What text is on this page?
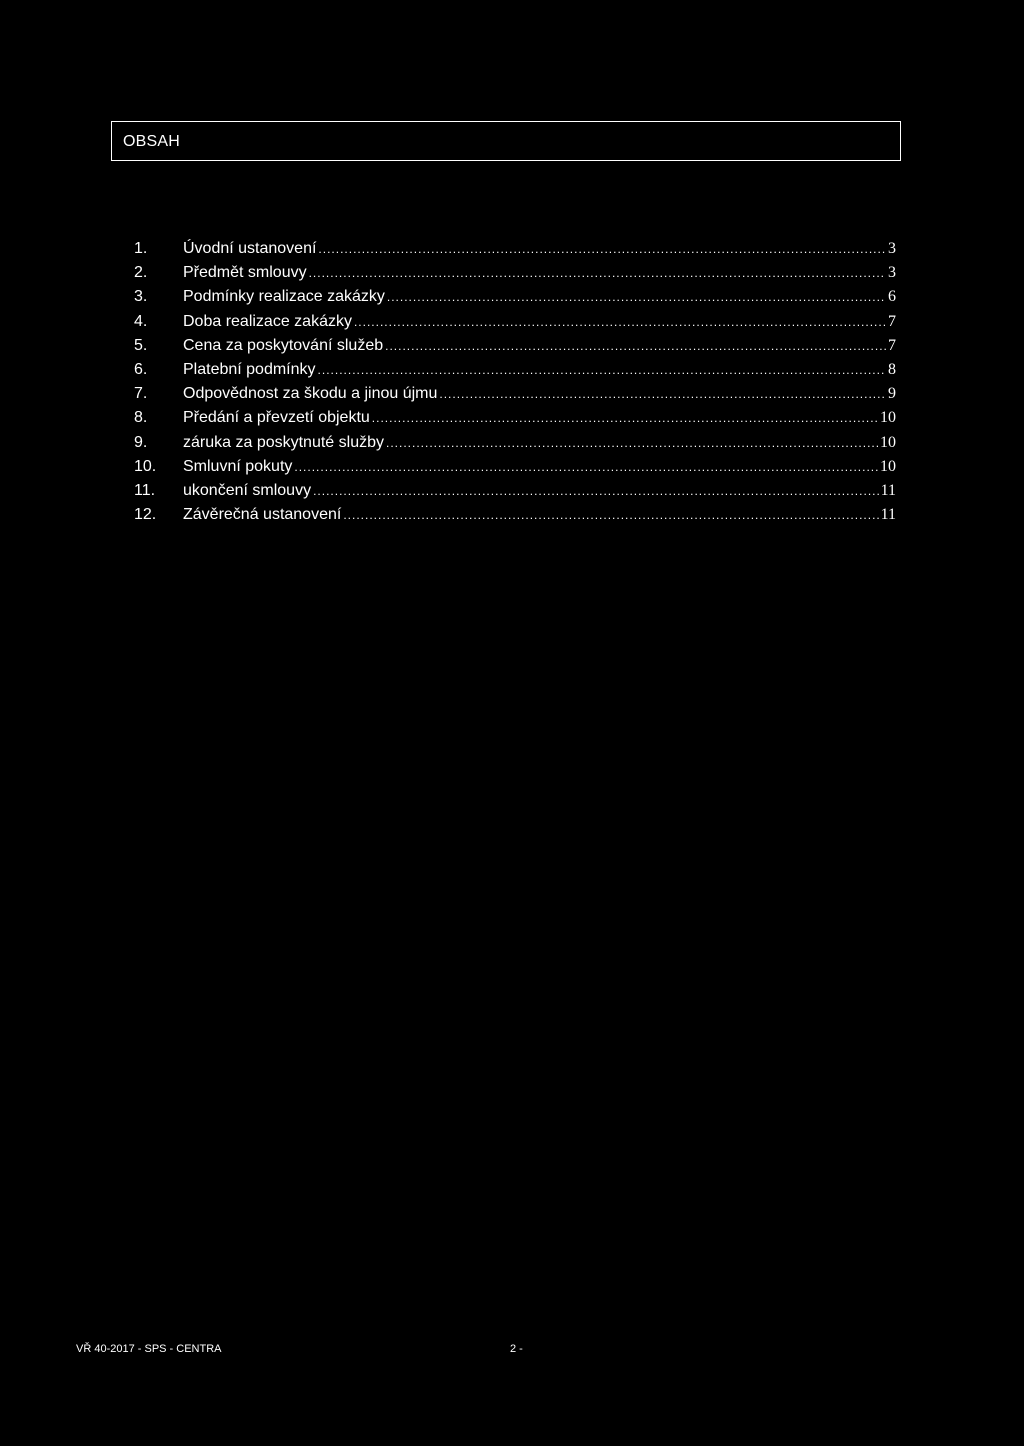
OBSAH
1.	Úvodní ustanovení .....	3
2.	Předmět smlouvy .....	3
3.	Podmínky realizace zakázky .....	6
4.	Doba realizace zakázky .....	7
5.	Cena za poskytování služeb .....	7
6.	Platební podmínky .....	8
7.	Odpovědnost za škodu a jinou újmu .....	9
8.	Předání a převzetí objektu .....	10
9.	záruka za poskytnuté služby .....	10
10.	Smluvní pokuty .....	10
11.	ukončení smlouvy .....	11
12.	Závěrečná ustanovení .....	11
VŘ 40-2017 - SPS - CENTRA	2 -
